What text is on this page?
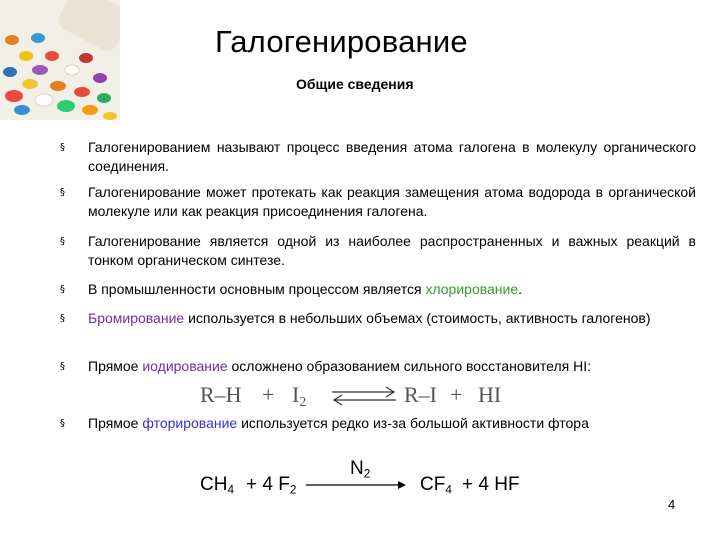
Галогенирование
Общие сведения
§ Галогенированием называют процесс введения атома галогена в молекулу органического соединения.
§ Галогенирование может протекать как реакция замещения атома водорода в органической молекуле или как реакция присоединения галогена.
§ Галогенирование является одной из наиболее распространенных и важных реакций в тонком органическом синтезе.
§ В промышленности основным процессом является хлорирование.
§ Бромирование используется в небольших объемах (стоимость, активность галогенов)
§ Прямое иодирование осложнено образованием сильного восстановителя HI:
§ Прямое фторирование используется редко из-за большой активности фтора
$R-H + I_2$ ⇌ R–I + HI
$CH_4 + 4$ $F_2$
$N_2$	$CF_4 + 4$ HF
4
